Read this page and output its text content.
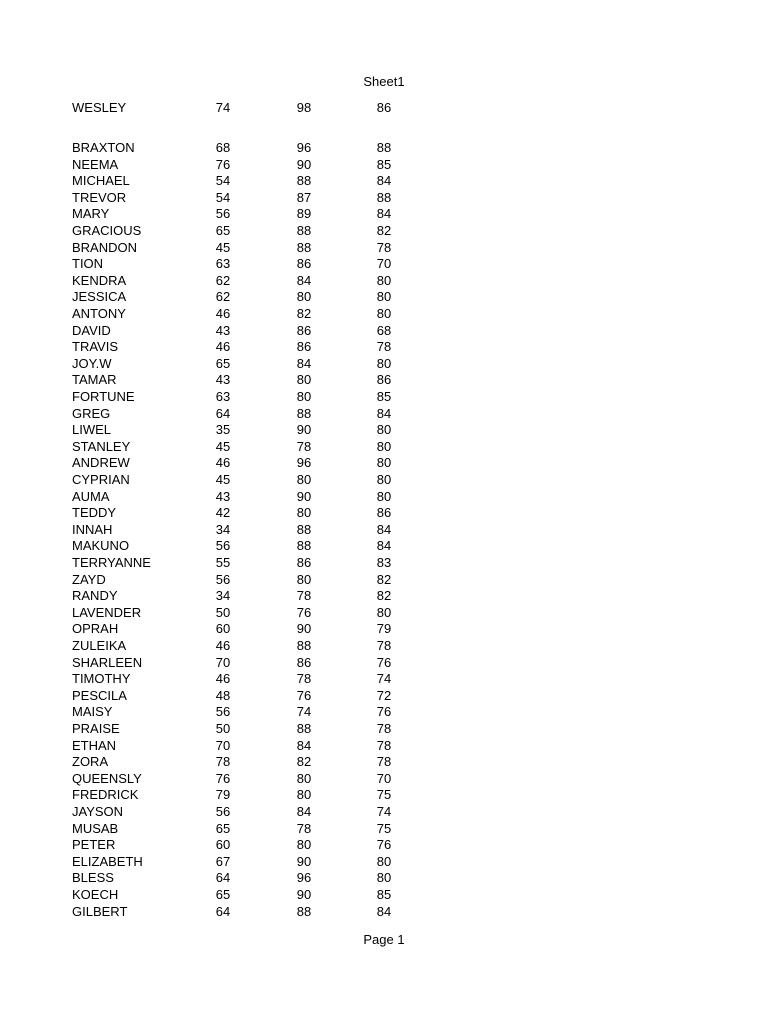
Sheet1
WESLEY	74	98	86
BRAXTON	68	96	88
NEEMA	76	90	85
MICHAEL	54	88	84
TREVOR	54	87	88
MARY	56	89	84
GRACIOUS	65	88	82
BRANDON	45	88	78
TION	63	86	70
KENDRA	62	84	80
JESSICA	62	80	80
ANTONY	46	82	80
DAVID	43	86	68
TRAVIS	46	86	78
JOY.W	65	84	80
TAMAR	43	80	86
FORTUNE	63	80	85
GREG	64	88	84
LIWEL	35	90	80
STANLEY	45	78	80
ANDREW	46	96	80
CYPRIAN	45	80	80
AUMA	43	90	80
TEDDY	42	80	86
INNAH	34	88	84
MAKUNO	56	88	84
TERRYANNE	55	86	83
ZAYD	56	80	82
RANDY	34	78	82
LAVENDER	50	76	80
OPRAH	60	90	79
ZULEIKA	46	88	78
SHARLEEN	70	86	76
TIMOTHY	46	78	74
PESCILA	48	76	72
MAISY	56	74	76
PRAISE	50	88	78
ETHAN	70	84	78
ZORA	78	82	78
QUEENSLY	76	80	70
FREDRICK	79	80	75
JAYSON	56	84	74
MUSAB	65	78	75
PETER	60	80	76
ELIZABETH	67	90	80
BLESS	64	96	80
KOECH	65	90	85
GILBERT	64	88	84
Page 1
